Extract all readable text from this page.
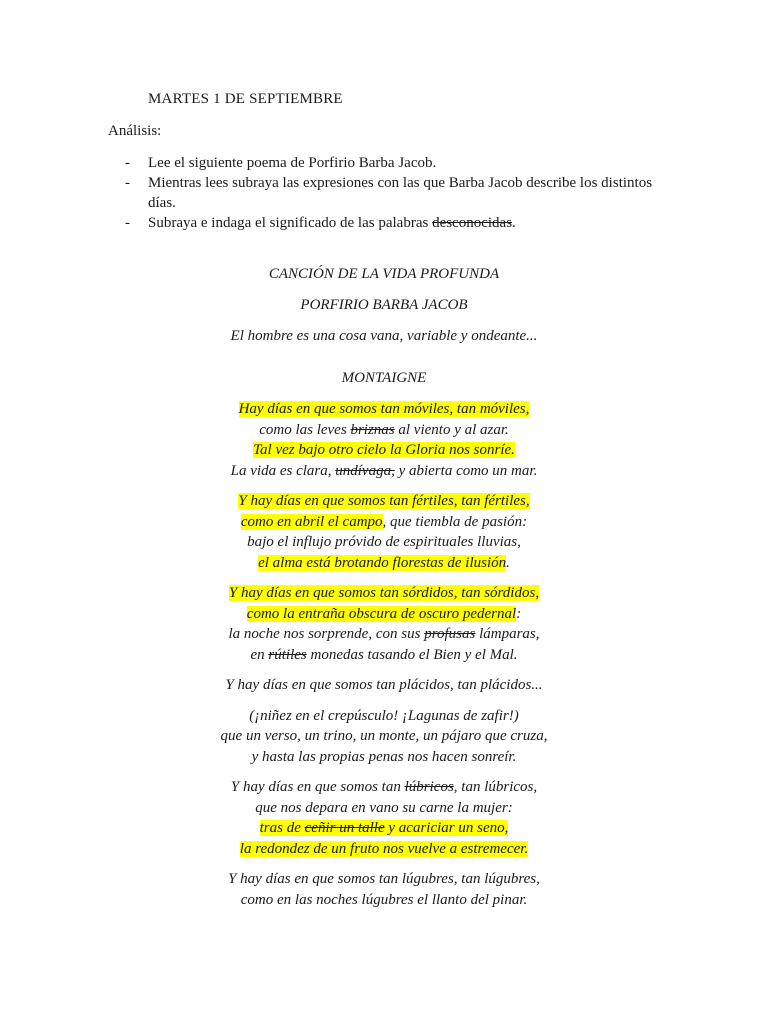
MARTES 1 DE SEPTIEMBRE
Análisis:
-	Lee el siguiente poema de Porfirio Barba Jacob.
-	Mientras lees subraya las expresiones con las que Barba Jacob describe los distintos días.
-	Subraya e indaga el significado de las palabras desconocidas.

CANCIÓN DE LA VIDA PROFUNDA

PORFIRIO BARBA JACOB

El hombre es una cosa vana, variable y ondeante...

MONTAIGNE

Hay días en que somos tan móviles, tan móviles,
como las leves briznas al viento y al azar.
Tal vez bajo otro cielo la Gloria nos sonríe.
La vida es clara, undívaga, y abierta como un mar.
Y hay días en que somos tan fértiles, tan fértiles,
como en abril el campo, que tiembla de pasión:
bajo el influjo próvido de espirituales lluvias,
el alma está brotando florestas de ilusión.
Y hay días en que somos tan sórdidos, tan sórdidos,
como la entraña obscura de oscuro pedernal:
la noche nos sorprende, con sus profusas lámparas,
en rútiles monedas tasando el Bien y el Mal.
Y hay días en que somos tan plácidos, tan plácidos...
(¡niñez en el crepúsculo! ¡Lagunas de zafir!)
que un verso, un trino, un monte, un pájaro que cruza,
y hasta las propias penas nos hacen sonreír.
Y hay días en que somos tan lúbricos, tan lúbricos,
que nos depara en vano su carne la mujer:
tras de ceñir un talle y acariciar un seno,
la redondez de un fruto nos vuelve a estremecer.
Y hay días en que somos tan lúgubres, tan lúgubres,
como en las noches lúgubres el llanto del pinar.
